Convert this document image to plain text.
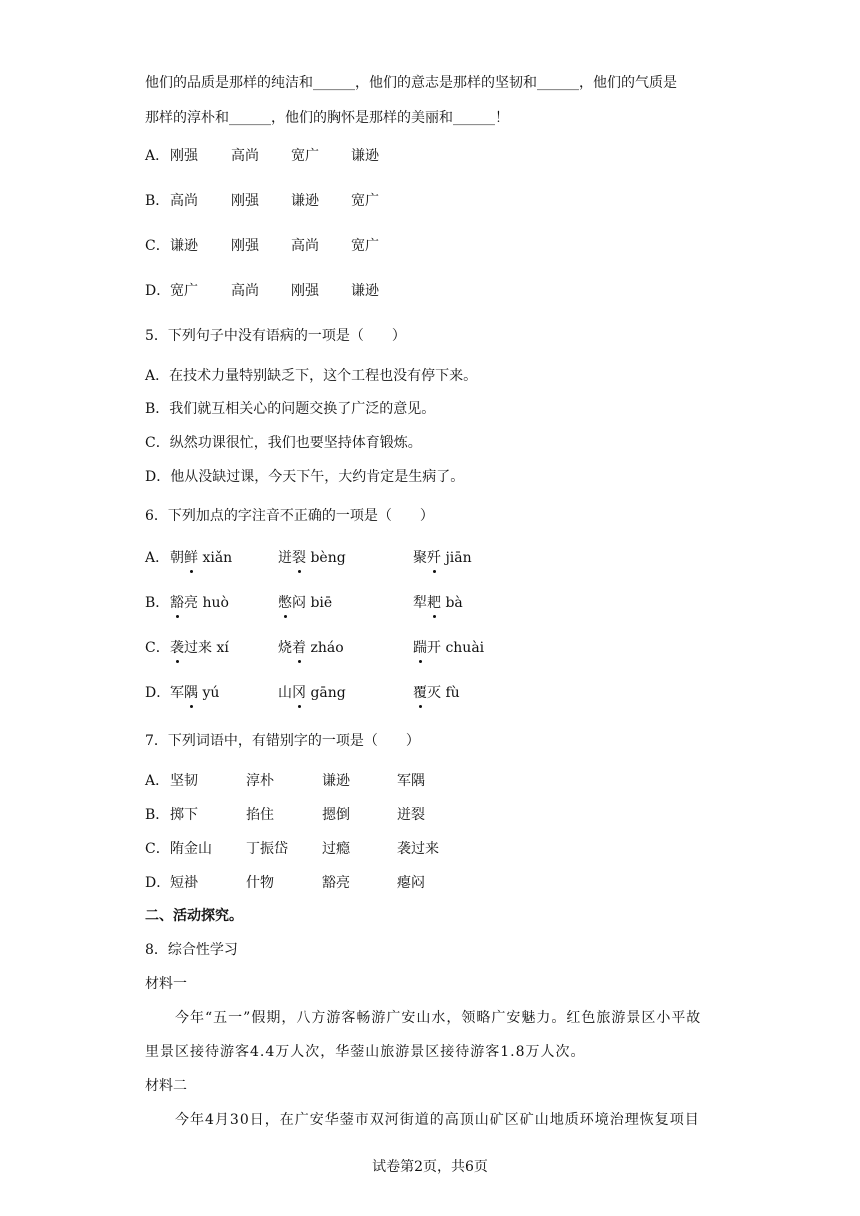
他们的品质是那样的纯洁和______，他们的意志是那样的坚韧和______，他们的气质是
那样的淳朴和______，他们的胸怀是那样的美丽和______！
A． 刚强 高尚 宽广 谦逊
B． 高尚 刚强 谦逊 宽广
C． 谦逊 刚强 高尚 宽广
D． 宽广 高尚 刚强 谦逊
5．下列句子中没有语病的一项是（　　）
A．在技术力量特别缺乏下，这个工程也没有停下来。
B．我们就互相关心的问题交换了广泛的意见。
C．纵然功课很忙，我们也要坚持体育锻炼。
D．他从没缺过课，今天下午，大约肯定是生病了。
6．下列加点的字注音不正确的一项是（　　）
A． 朝鲜 xiǎn	迸裂 bèng	聚歼 jiān
B． 豁亮 huò	憋闷 biē	犁耙 bà
C． 袭过来 xí	烧着 zháo	踹开 chuài
D． 军隅 yú	山冈 gāng	覆灭 fù
7．下列词语中，有错别字的一项是（　　）
A． 坚韧	淳朴	谦逊	军隅
B． 掷下	掐住	摁倒	迸裂
C． 陏金山 丁振岱 过瘾	袭过来
D． 短褂	什物	豁亮	瘪闷
二、活动探究。
8．综合性学习
材料一
今年“五一”假期，八方游客畅游广安山水，领略广安魅力。红色旅游景区小平故
里景区接待游客4.4万人次，华蓥山旅游景区接待游客1.8万人次。
材料二
今年4月30日，在广安华蓥市双河街道的高顶山矿区矿山地质环境治理恢复项目
试卷第2页，共6页
